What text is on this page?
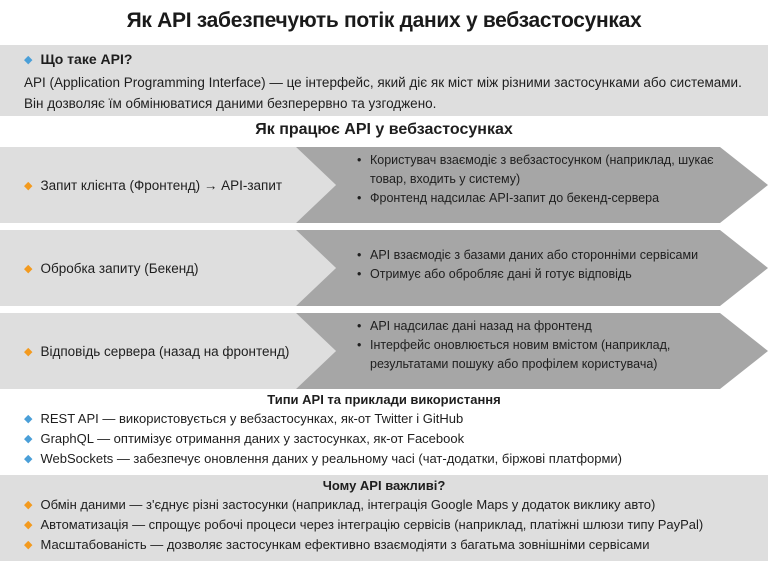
Як API забезпечують потік даних у вебзастосунках
◆ Що таке API?
API (Application Programming Interface) — це інтерфейс, який діє як міст між різними застосунками або системами. Він дозволяє їм обмінюватися даними безперервно та узгоджено.
Як працює API у вебзастосунках
◆ Запит клієнта (Фронтенд) → API-запит
• Користувач взаємодіє з вебзастосунком (наприклад, шукає товар, входить у систему)
• Фронтенд надсилає API-запит до бекенд-сервера
◆ Обробка запиту (Бекенд)
• API взаємодіє з базами даних або сторонніми сервісами
• Отримує або обробляє дані й готує відповідь
◆ Відповідь сервера (назад на фронтенд)
• API надсилає дані назад на фронтенд
• Інтерфейс оновлюється новим вмістом (наприклад, результатами пошуку або профілем користувача)
Типи API та приклади використання
◆ REST API — використовується у вебзастосунках, як-от Twitter і GitHub
◆ GraphQL — оптимізує отримання даних у застосунках, як-от Facebook
◆ WebSockets — забезпечує оновлення даних у реальному часі (чат-додатки, біржові платформи)
Чому API важливі?
◆ Обмін даними — з'єднує різні застосунки (наприклад, інтеграція Google Maps у додаток виклику авто)
◆ Автоматизація — спрощує робочі процеси через інтеграцію сервісів (наприклад, платіжні шлюзи типу PayPal)
◆ Масштабованість — дозволяє застосункам ефективно взаємодіяти з багатьма зовнішніми сервісами
